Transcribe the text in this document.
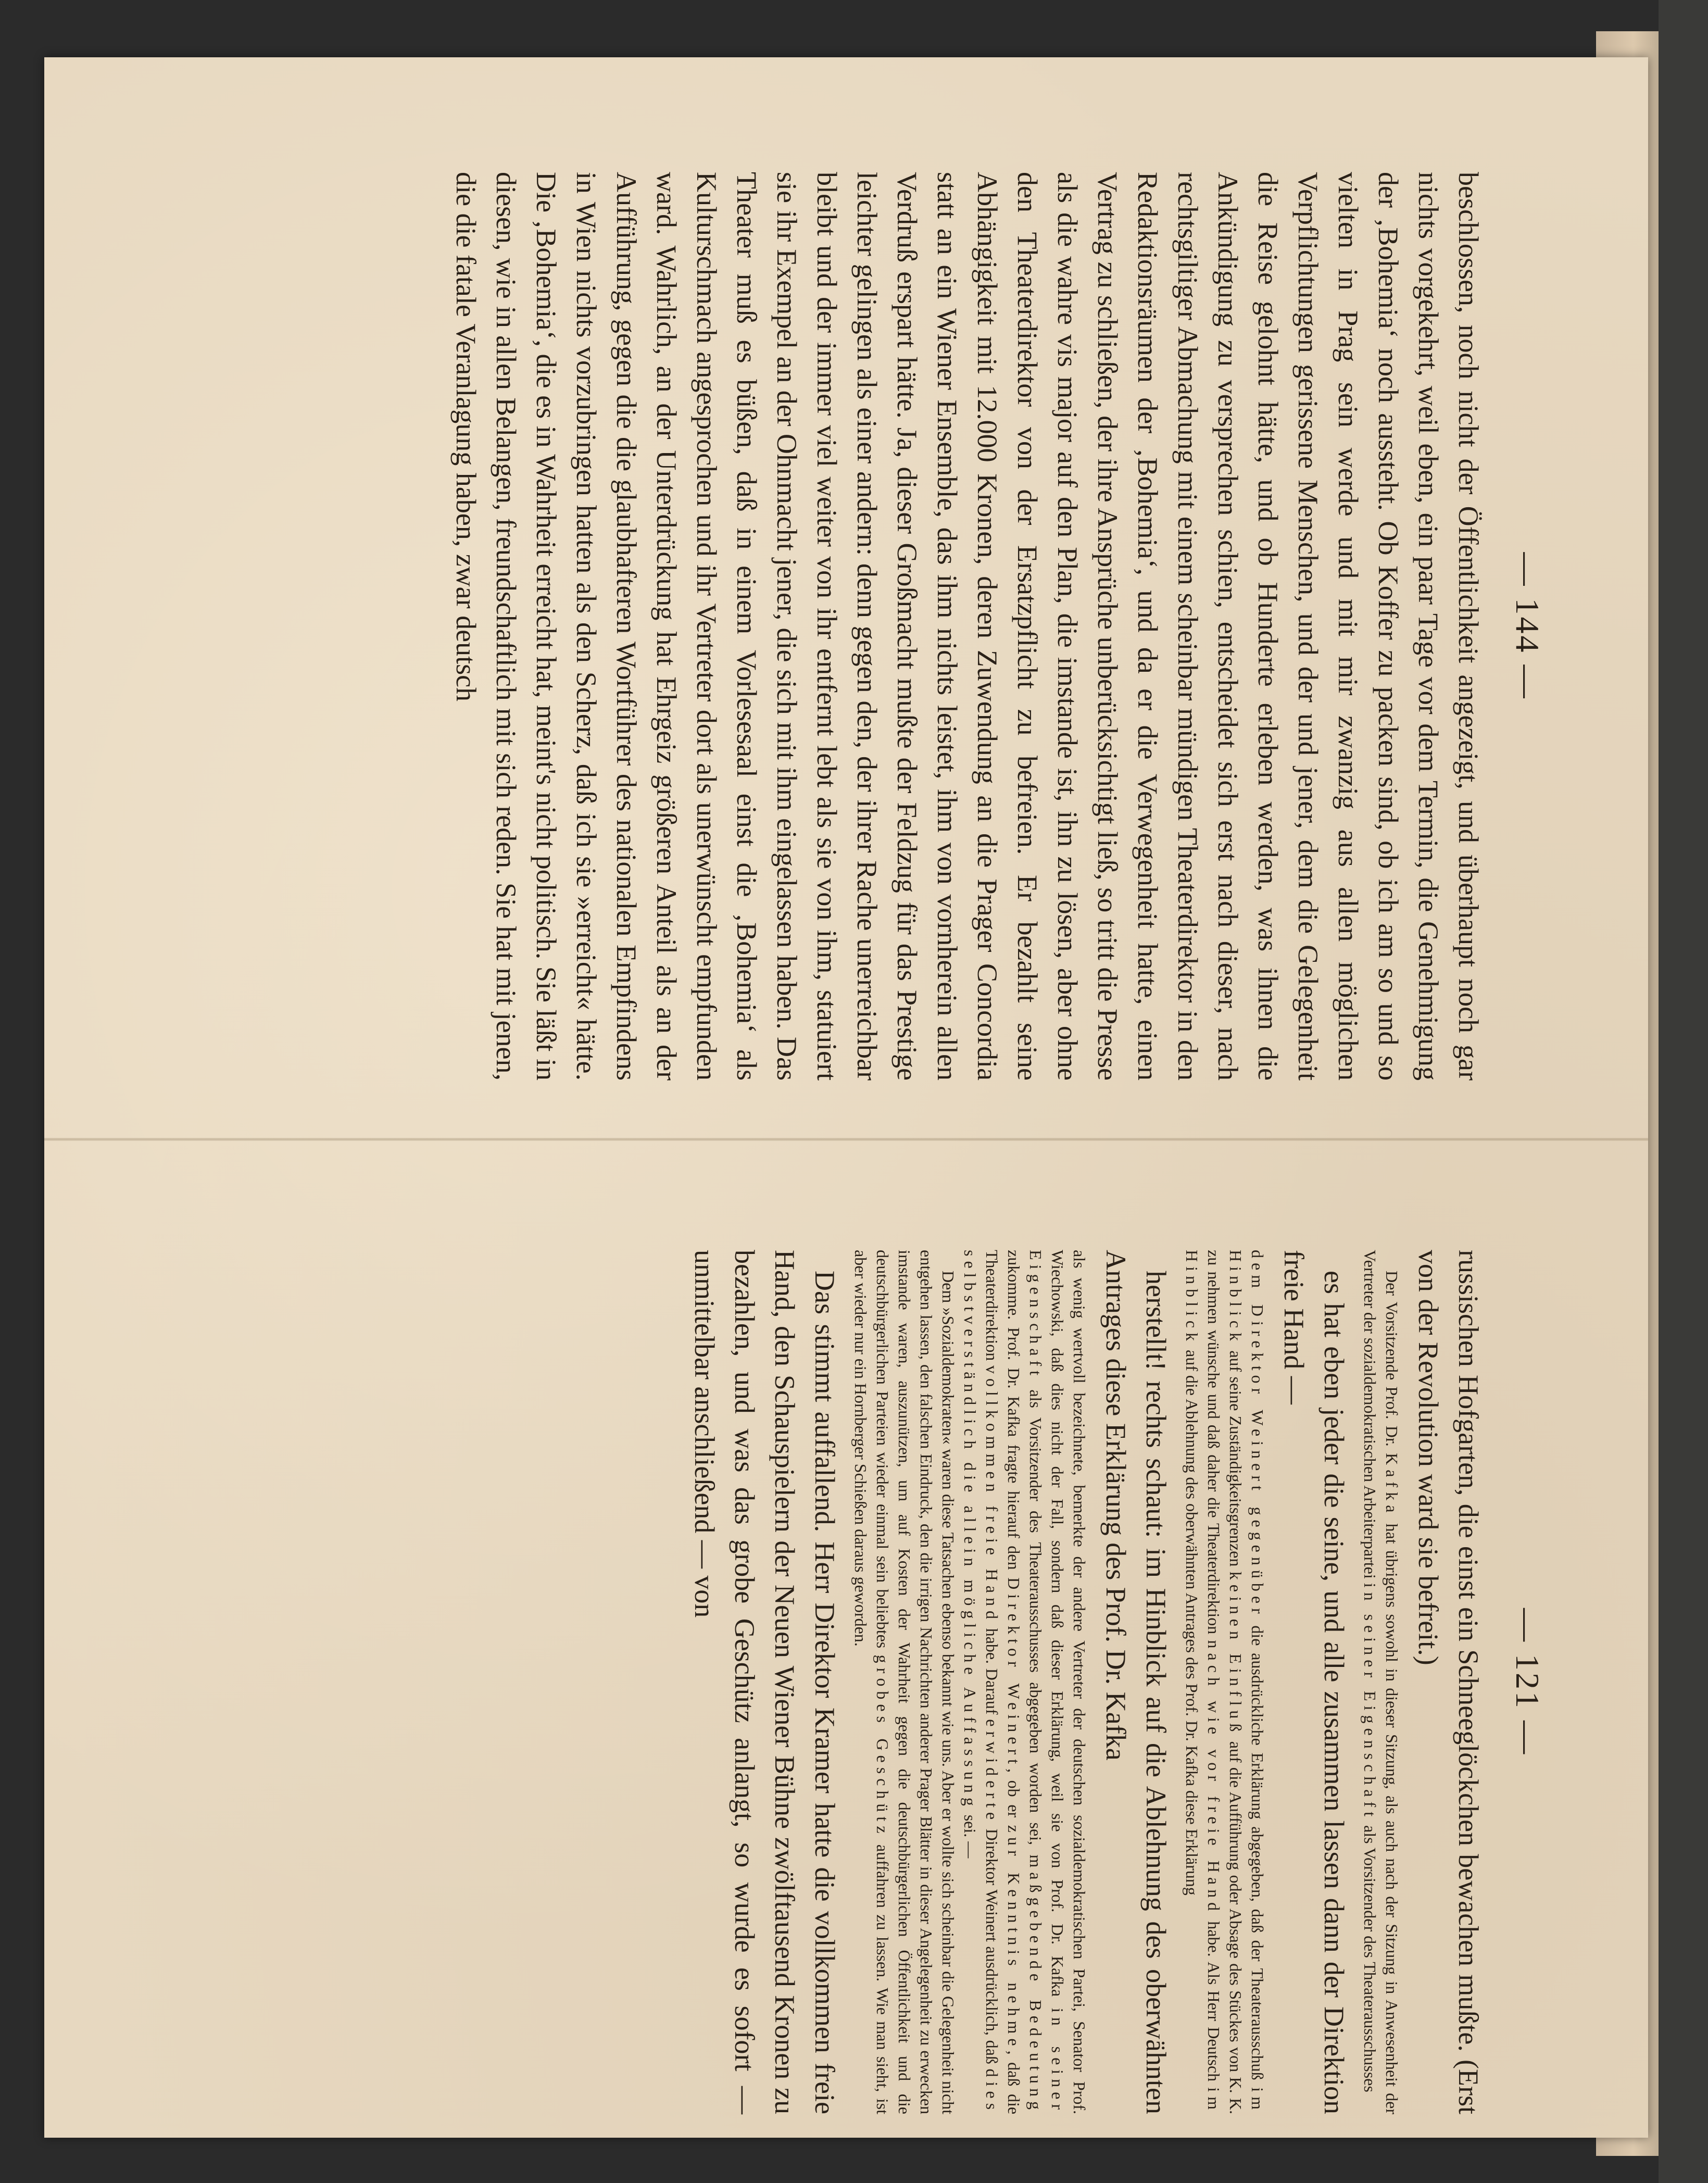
— 144 —

beschlossen, noch nicht der Öffentlichkeit angezeigt, und überhaupt noch gar nichts vorgekehrt, weil eben, ein paar Tage vor dem Termin, die Genehmigung der ‚Bohemia‘ noch aussteht. Ob Koffer zu packen sind, ob ich am so und so vielten in Prag sein werde und mit mir zwanzig aus allen möglichen Verpflichtungen gerissene Menschen, und der und jener, dem die Gelegenheit die Reise gelohnt hätte, und ob Hunderte erleben werden, was ihnen die Ankündigung zu versprechen schien, entscheidet sich erst nach dieser, nach rechtsgiltiger Abmachung mit einem scheinbar mündigen Theaterdirektor in den Redaktionsräumen der ‚Bohemia‘, und da er die Verwegenheit hatte, einen Vertrag zu schließen, der ihre Ansprüche unberücksichtigt ließ, so tritt die Presse als die wahre vis major auf den Plan, die imstande ist, ihn zu lösen, aber ohne den Theaterdirektor von der Ersatzpflicht zu befreien. Er bezahlt seine Abhängigkeit mit 12.000 Kronen, deren Zuwendung an die Prager Concordia statt an ein Wiener Ensemble, das ihm nichts leistet, ihm von vornherein allen Verdruß erspart hätte. Ja, dieser Großmacht mußte der Feldzug für das Prestige leichter gelingen als einer andern: denn gegen den, der ihrer Rache unerreichbar bleibt und der immer viel weiter von ihr entfernt lebt als sie von ihm, statuiert sie ihr Exempel an der Ohnmacht jener, die sich mit ihm eingelassen haben. Das Theater muß es büßen, daß in einem Vorlesesaal einst die ‚Bohemia‘ als Kulturschmach angesprochen und ihr Vertreter dort als unerwünscht empfunden ward. Wahrlich, an der Unterdrückung hat Ehrgeiz größeren Anteil als an der Aufführung, gegen die die glaubhafteren Wortführer des nationalen Empfindens in Wien nichts vorzubringen hatten als den Scherz, daß ich sie »erreicht« hätte. Die ‚Bohemia‘, die es in Wahrheit erreicht hat, meint's nicht politisch. Sie läßt in diesen, wie in allen Belangen, freundschaftlich mit sich reden. Sie hat mit jenen, die die fatale Veranlagung haben, zwar deutsch

— 121 —

russischen Hofgarten, die einst ein Schneeglöckchen bewachen mußte. (Erst von der Revolution ward sie befreit.)

Der Vorsitzende Prof. Dr. Kafka hat übrigens sowohl in dieser Sitzung, als auch nach der Sitzung in Anwesenheit der Vertreter der sozialdemokratischen Arbeiterpartei in seiner Eigenschaft als Vorsitzender des Theaterausschusses

es hat eben jeder die seine, und alle zusammen lassen dann der Direktion freie Hand —

dem Direktor Weinert gegenüber die ausdrückliche Erklärung abgegeben, daß der Theaterausschuß im Hinblick auf seine Zuständigkeitsgrenzen keinen Einfluß auf die Aufführung oder Absage des Stückes von K. K. zu nehmen wünsche und daß daher die Theaterdirektion nach wie vor freie Hand habe. Als Herr Deutsch im Hinblick auf die Ablehnung des oberwähnten Antrages des Prof. Dr. Kafka diese Erklärung

herstellt! rechts schaut: im Hinblick auf die Ablehnung des oberwähnten Antrages diese Erklärung des Prof. Dr. Kafka

als wenig wertvoll bezeichnete, bemerkte der andere Vertreter der deutschen sozialdemokratischen Partei, Senator Prof. Wiechowski, daß dies nicht der Fall, sondern daß dieser Erklärung, weil sie von Prof. Dr. Kafka in seiner Eigenschaft als Vorsitzender des Theaterausschusses abgegeben worden sei, maßgebende Bedeutung zukomme. Prof. Dr. Kafka fragte hierauf den Direktor Weinert, ob er zur Kenntnis nehme, daß die Theaterdirektion vollkommen freie Hand habe. Darauf erwiderte Direktor Weinert ausdrücklich, daß dies selbstverständlich die allein mögliche Auffassung sei. —

Dem »Sozialdemokraten« waren diese Tatsachen ebenso bekannt wie uns. Aber er wollte sich scheinbar die Gelegenheit nicht entgehen lassen, den falschen Eindruck, den die irrigen Nachrichten anderer Prager Blätter in dieser Angelegenheit zu erwecken imstande waren, auszunützen, um auf Kosten der Wahrheit gegen die deutschbürgerlichen Öffentlichkeit und die deutschbürgerlichen Parteien wieder einmal sein beliebtes grobes Geschütz auffahren zu lassen. Wie man sieht, ist aber wieder nur ein Hornberger Schießen daraus geworden.

Das stimmt auffallend. Herr Direktor Kramer hatte die vollkommen freie Hand, den Schauspielern der Neuen Wiener Bühne zwölftausend Kronen zu bezahlen, und was das grobe Geschütz anlangt, so wurde es sofort — unmittelbar anschließend — von
